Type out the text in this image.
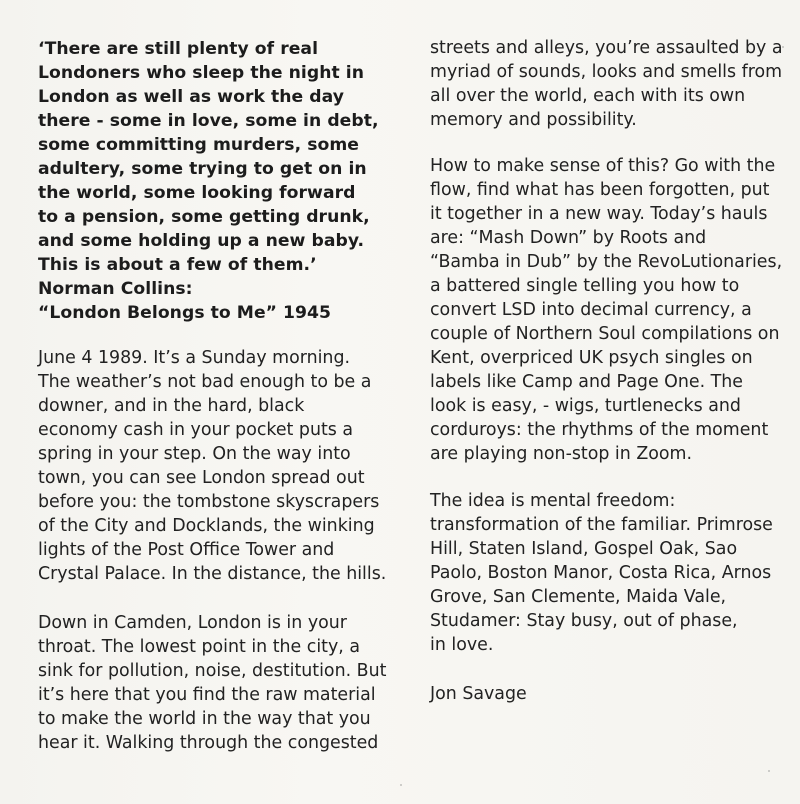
‘There are still plenty of real
Londoners who sleep the night in
London as well as work the day
there - some in love, some in debt,
some committing murders, some
adultery, some trying to get on in
the world, some looking forward
to a pension, some getting drunk,
and some holding up a new baby.
This is about a few of them.’
Norman Collins:
“London Belongs to Me” 1945
June 4 1989. It’s a Sunday morning.
The weather’s not bad enough to be a
downer, and in the hard, black
economy cash in your pocket puts a
spring in your step. On the way into
town, you can see London spread out
before you: the tombstone skyscrapers
of the City and Docklands, the winking
lights of the Post Office Tower and
Crystal Palace. In the distance, the hills.
Down in Camden, London is in your
throat. The lowest point in the city, a
sink for pollution, noise, destitution. But
it’s here that you find the raw material
to make the world in the way that you
hear it. Walking through the congested
streets and alleys, you’re assaulted by a
myriad of sounds, looks and smells from
all over the world, each with its own
memory and possibility.
How to make sense of this? Go with the
flow, find what has been forgotten, put
it together in a new way. Today’s hauls
are: “Mash Down” by Roots and
“Bamba in Dub” by the RevoLutionaries,
a battered single telling you how to
convert LSD into decimal currency, a
couple of Northern Soul compilations on
Kent, overpriced UK psych singles on
labels like Camp and Page One. The
look is easy, - wigs, turtlenecks and
corduroys: the rhythms of the moment
are playing non-stop in Zoom.
The idea is mental freedom:
transformation of the familiar. Primrose
Hill, Staten Island, Gospel Oak, Sao
Paolo, Boston Manor, Costa Rica, Arnos
Grove, San Clemente, Maida Vale,
Studamer: Stay busy, out of phase,
in love.
Jon Savage
